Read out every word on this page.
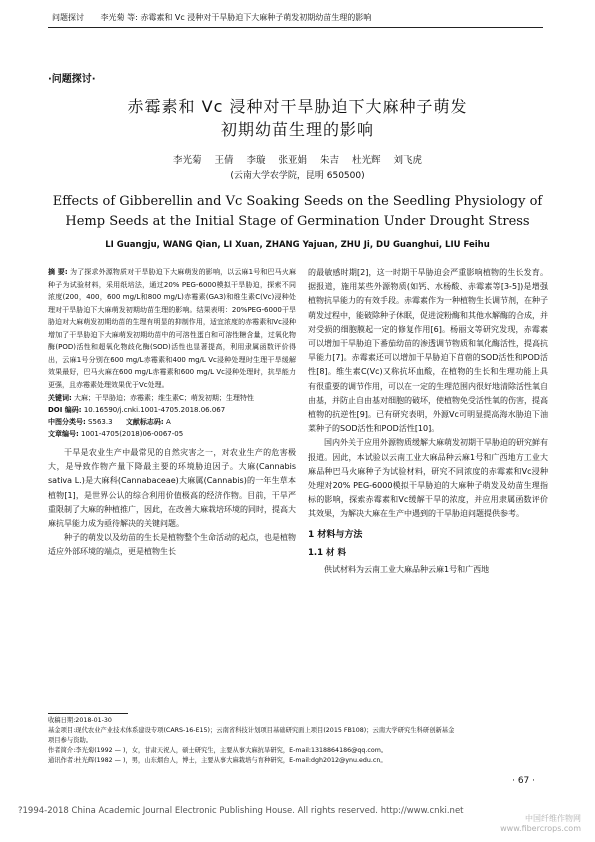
问题探讨 李光菊 等: 赤霉素和 Vc 浸种对干旱胁迫下大麻种子萌发初期幼苗生理的影响
·问题探讨·
赤霉素和 Vc 浸种对干旱胁迫下大麻种子萌发
初期幼苗生理的影响
李光菊 王倩 李璇 张亚娟 朱吉 杜光辉 刘飞虎
(云南大学农学院，昆明 650500)
Effects of Gibberellin and Vc Soaking Seeds on the Seedling Physiology of
Hemp Seeds at the Initial Stage of Germination Under Drought Stress
LI Guangju, WANG Qian, LI Xuan, ZHANG Yajuan, ZHU Ji, DU Guanghui, LIU Feihu

摘 要: 为了探求外源物质对干旱胁迫下大麻萌发的影响，以云麻1号和巴马火麻种子为试验材料，采用纸培法，通过20% PEG-6000模拟干旱胁迫，探索不同浓度(200，400，600 mg/L和800 mg/L)赤霉素(GA3)和维生素C(Vc)浸种处理对干旱胁迫下大麻萌发初期幼苗生理的影响。结果表明：20%PEG-6000干旱胁迫对大麻萌发初期幼苗的生理有明显的抑制作用，适宜浓度的赤霉素和Vc浸种增加了干旱胁迫下大麻萌发初期幼苗中的可溶性蛋白和可溶性糖含量，过氧化物酶(POD)活性和超氧化物歧化酶(SOD)活性也显著提高，利用隶属函数评价得出，云麻1号分别在600 mg/L赤霉素和400 mg/L Vc浸种处理时生理干旱缓解效果最好，巴马火麻在600 mg/L赤霉素和600 mg/L Vc浸种处理时，抗旱能力更强，且赤霉素处理效果优于Vc处理。

关键词: 大麻；干旱胁迫；赤霉素；维生素C；萌发初期；生理特性

DOI 编码: 10.16590/j.cnki.1001-4705.2018.06.067

中图分类号: S563.3 文献标志码: A

文章编号: 1001-4705(2018)06-0067-05

干旱是农业生产中最常见的自然灾害之一，对农业生产的危害极大，是导致作物产量下降最主要的环境胁迫因子。大麻(Cannabis sativa L.)是大麻科(Cannabaceae)大麻属(Cannabis)的一年生草本植物[1]，是世界公认的综合利用价值极高的经济作物。目前，干旱严重限制了大麻的种植推广，因此，在改善大麻栽培环境的同时，提高大麻抗旱能力成为亟待解决的关键问题。

种子的萌发以及幼苗的生长是植物整个生命活动的起点，也是植物适应外部环境的端点，更是植物生长

的最敏感时期[2]，这一时期干旱胁迫会严重影响植物的生长发育。据报道，施用某些外源物质(如钙、水杨酸、赤霉素等[3-5])是增强植物抗旱能力的有效手段。赤霉素作为一种植物生长调节剂，在种子萌发过程中，能破除种子休眠，促进淀粉酶和其他水解酶的合成，并对受损的细胞膜起一定的修复作用[6]。杨丽文等研究发现，赤霉素可以增加干旱胁迫下番茄幼苗的渗透调节物质和氧化酶活性，提高抗旱能力[7]。赤霉素还可以增加干旱胁迫下苜蓿的SOD活性和POD活性[8]。维生素C(Vc)又称抗坏血酸，在植物的生长和生理功能上具有很重要的调节作用，可以在一定的生理范围内很好地清除活性氧自由基，并防止自由基对细胞的破坏，使植物免受活性氧的伤害，提高植物的抗逆性[9]。已有研究表明，外源Vc可明显提高海水胁迫下油菜种子的SOD活性和POD活性[10]。

国内外关于应用外源物质缓解大麻萌发初期干旱胁迫的研究鲜有报道。因此，本试验以云南工业大麻品种云麻1号和广西地方工业大麻品种巴马火麻种子为试验材料，研究不同浓度的赤霉素和Vc浸种处理对20% PEG-6000模拟干旱胁迫的大麻种子萌发及幼苗生理指标的影响，探索赤霉素和Vc缓解干旱的浓度，并应用隶属函数评价其效果，为解决大麻在生产中遇到的干旱胁迫问题提供参考。

1 材料与方法
1.1 材 料

供试材料为云南工业大麻品种云麻1号和广西地

收稿日期:2018-01-30
基金项目:现代农业产业技术体系建设专项(CARS-16-E15)；云南省科技计划项目基础研究面上项目(2015 FB108)；云南大学研究生科研创新基金
项目参与资助。
作者简介:李光菊(1992 — )，女，甘肃天祝人，硕士研究生，主要从事大麻抗旱研究，E-mail:1318864186@qq.com。
通讯作者:杜光辉(1982 — )，男，山东烟台人，博士，主要从事大麻栽培与育种研究，E-mail:dgh2012@ynu.edu.cn。
· 67 ·
?1994-2018 China Academic Journal Electronic Publishing House. All rights reserved. http://www.cnki.net
中国纤维作物网
www.fibercrops.com
